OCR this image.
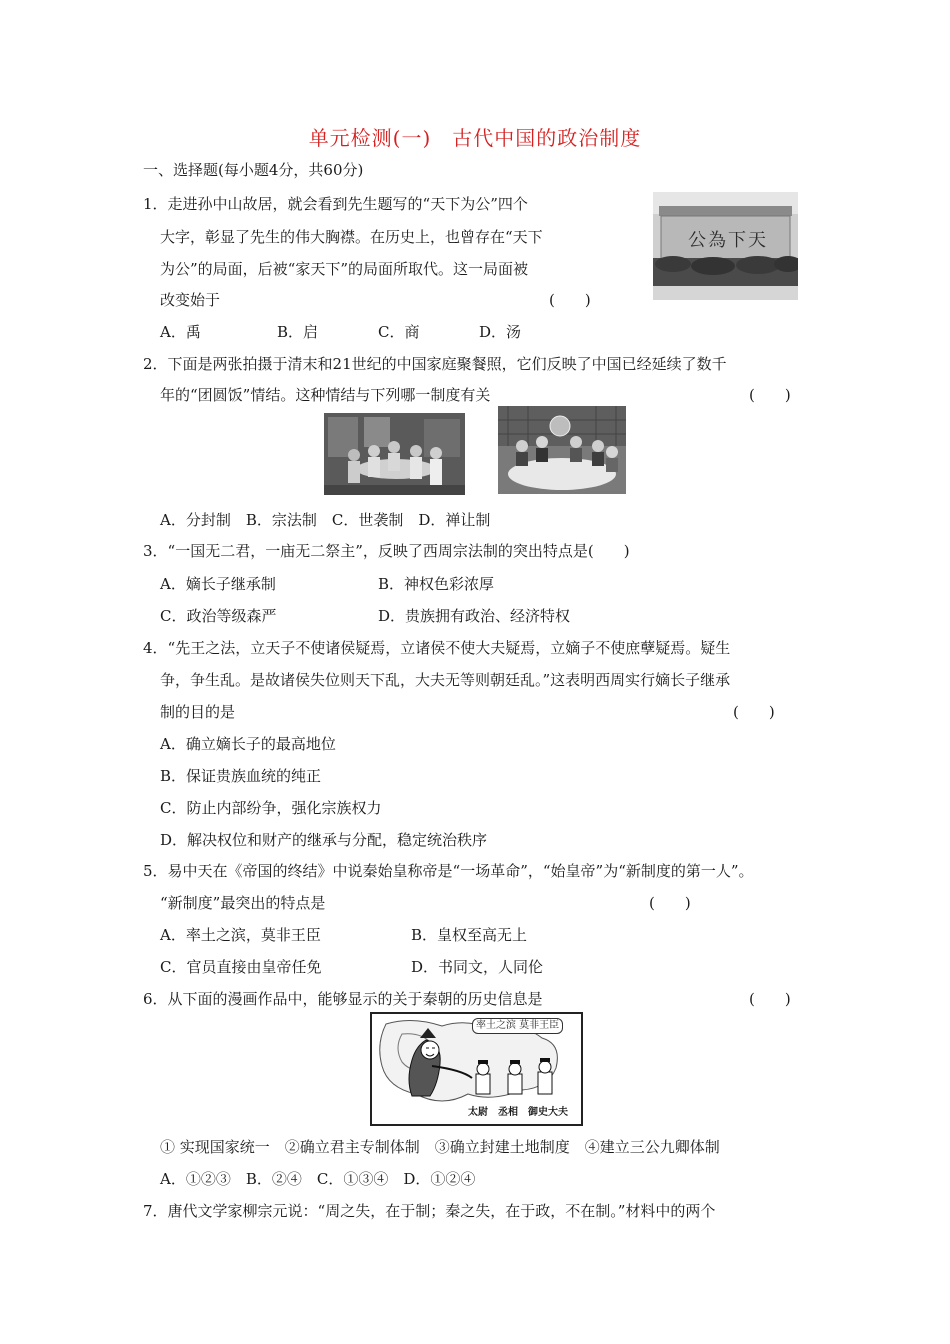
单元检测(一)　古代中国的政治制度
一、选择题(每小题4分，共60分)
1．走进孙中山故居，就会看到先生题写的“天下为公”四个
大字，彰显了先生的伟大胸襟。在历史上，也曾存在“天下
为公”的局面，后被“家天下”的局面所取代。这一局面被
改变始于	(　　)
A．禹	B．启	C．商	D．汤
天下為公
2．下面是两张拍摄于清末和21世纪的中国家庭聚餐照，它们反映了中国已经延续了数千
年的“团圆饭”情结。这种情结与下列哪一制度有关	(　　)
A．分封制　B．宗法制　C．世袭制　D．禅让制
3．“一国无二君，一庙无二祭主”，反映了西周宗法制的突出特点是(　　)
A．嫡长子继承制	B．神权色彩浓厚
C．政治等级森严	D．贵族拥有政治、经济特权
4．“先王之法，立天子不使诸侯疑焉，立诸侯不使大夫疑焉，立嫡子不使庶孽疑焉。疑生
争，争生乱。是故诸侯失位则天下乱，大夫无等则朝廷乱。”这表明西周实行嫡长子继承
制的目的是	(　　)
A．确立嫡长子的最高地位
B．保证贵族血统的纯正
C．防止内部纷争，强化宗族权力
D．解决权位和财产的继承与分配，稳定统治秩序
5．易中天在《帝国的终结》中说秦始皇称帝是“一场革命”，“始皇帝”为“新制度的第一人”。
“新制度”最突出的特点是	(　　)
A．率土之滨，莫非王臣	B．皇权至高无上
C．官员直接由皇帝任免	D．书同文，人同伦
6．从下面的漫画作品中，能够显示的关于秦朝的历史信息是	(　　)
率土之滨 莫非王臣
太尉　丞相　御史大夫
① 实现国家统一　②确立君主专制体制　③确立封建土地制度　④建立三公九卿体制
A．①②③　B．②④　C．①③④　D．①②④
7．唐代文学家柳宗元说：“周之失，在于制；秦之失，在于政，不在制。”材料中的两个
